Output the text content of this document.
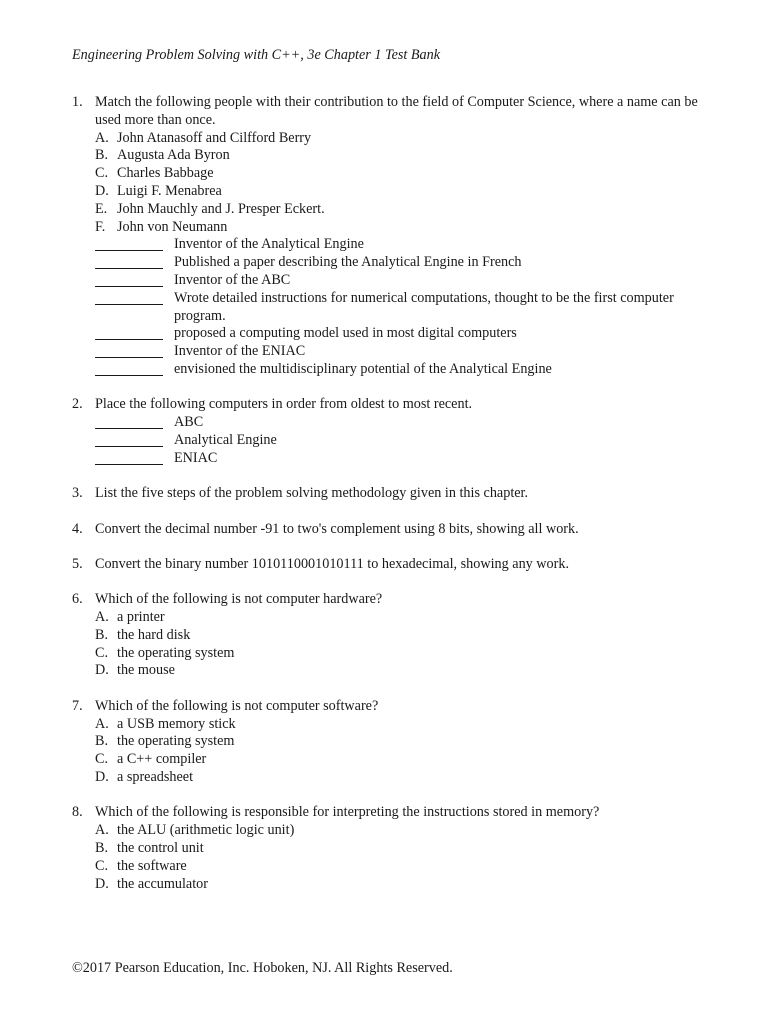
Engineering Problem Solving with C++, 3e Chapter 1 Test Bank
1. Match the following people with their contribution to the field of Computer Science, where a name can be used more than once.
A. John Atanasoff and Cilfford Berry
B. Augusta Ada Byron
C. Charles Babbage
D. Luigi F. Menabrea
E. John Mauchly and J. Presper Eckert.
F. John von Neumann
Inventor of the Analytical Engine
Published a paper describing the Analytical Engine in French
Inventor of the ABC
Wrote detailed instructions for numerical computations, thought to be the first computer program.
proposed a computing model used in most digital computers
Inventor of the ENIAC
envisioned the multidisciplinary potential of the Analytical Engine
2. Place the following computers in order from oldest to most recent.
ABC
Analytical Engine
ENIAC
3. List the five steps of the problem solving methodology given in this chapter.
4. Convert the decimal number -91 to two's complement using 8 bits, showing all work.
5. Convert the binary number 1010110001010111 to hexadecimal, showing any work.
6. Which of the following is not computer hardware?
A. a printer
B. the hard disk
C. the operating system
D. the mouse
7. Which of the following is not computer software?
A. a USB memory stick
B. the operating system
C. a C++ compiler
D. a spreadsheet
8. Which of the following is responsible for interpreting the instructions stored in memory?
A. the ALU (arithmetic logic unit)
B. the control unit
C. the software
D. the accumulator
©2017 Pearson Education, Inc. Hoboken, NJ. All Rights Reserved.
